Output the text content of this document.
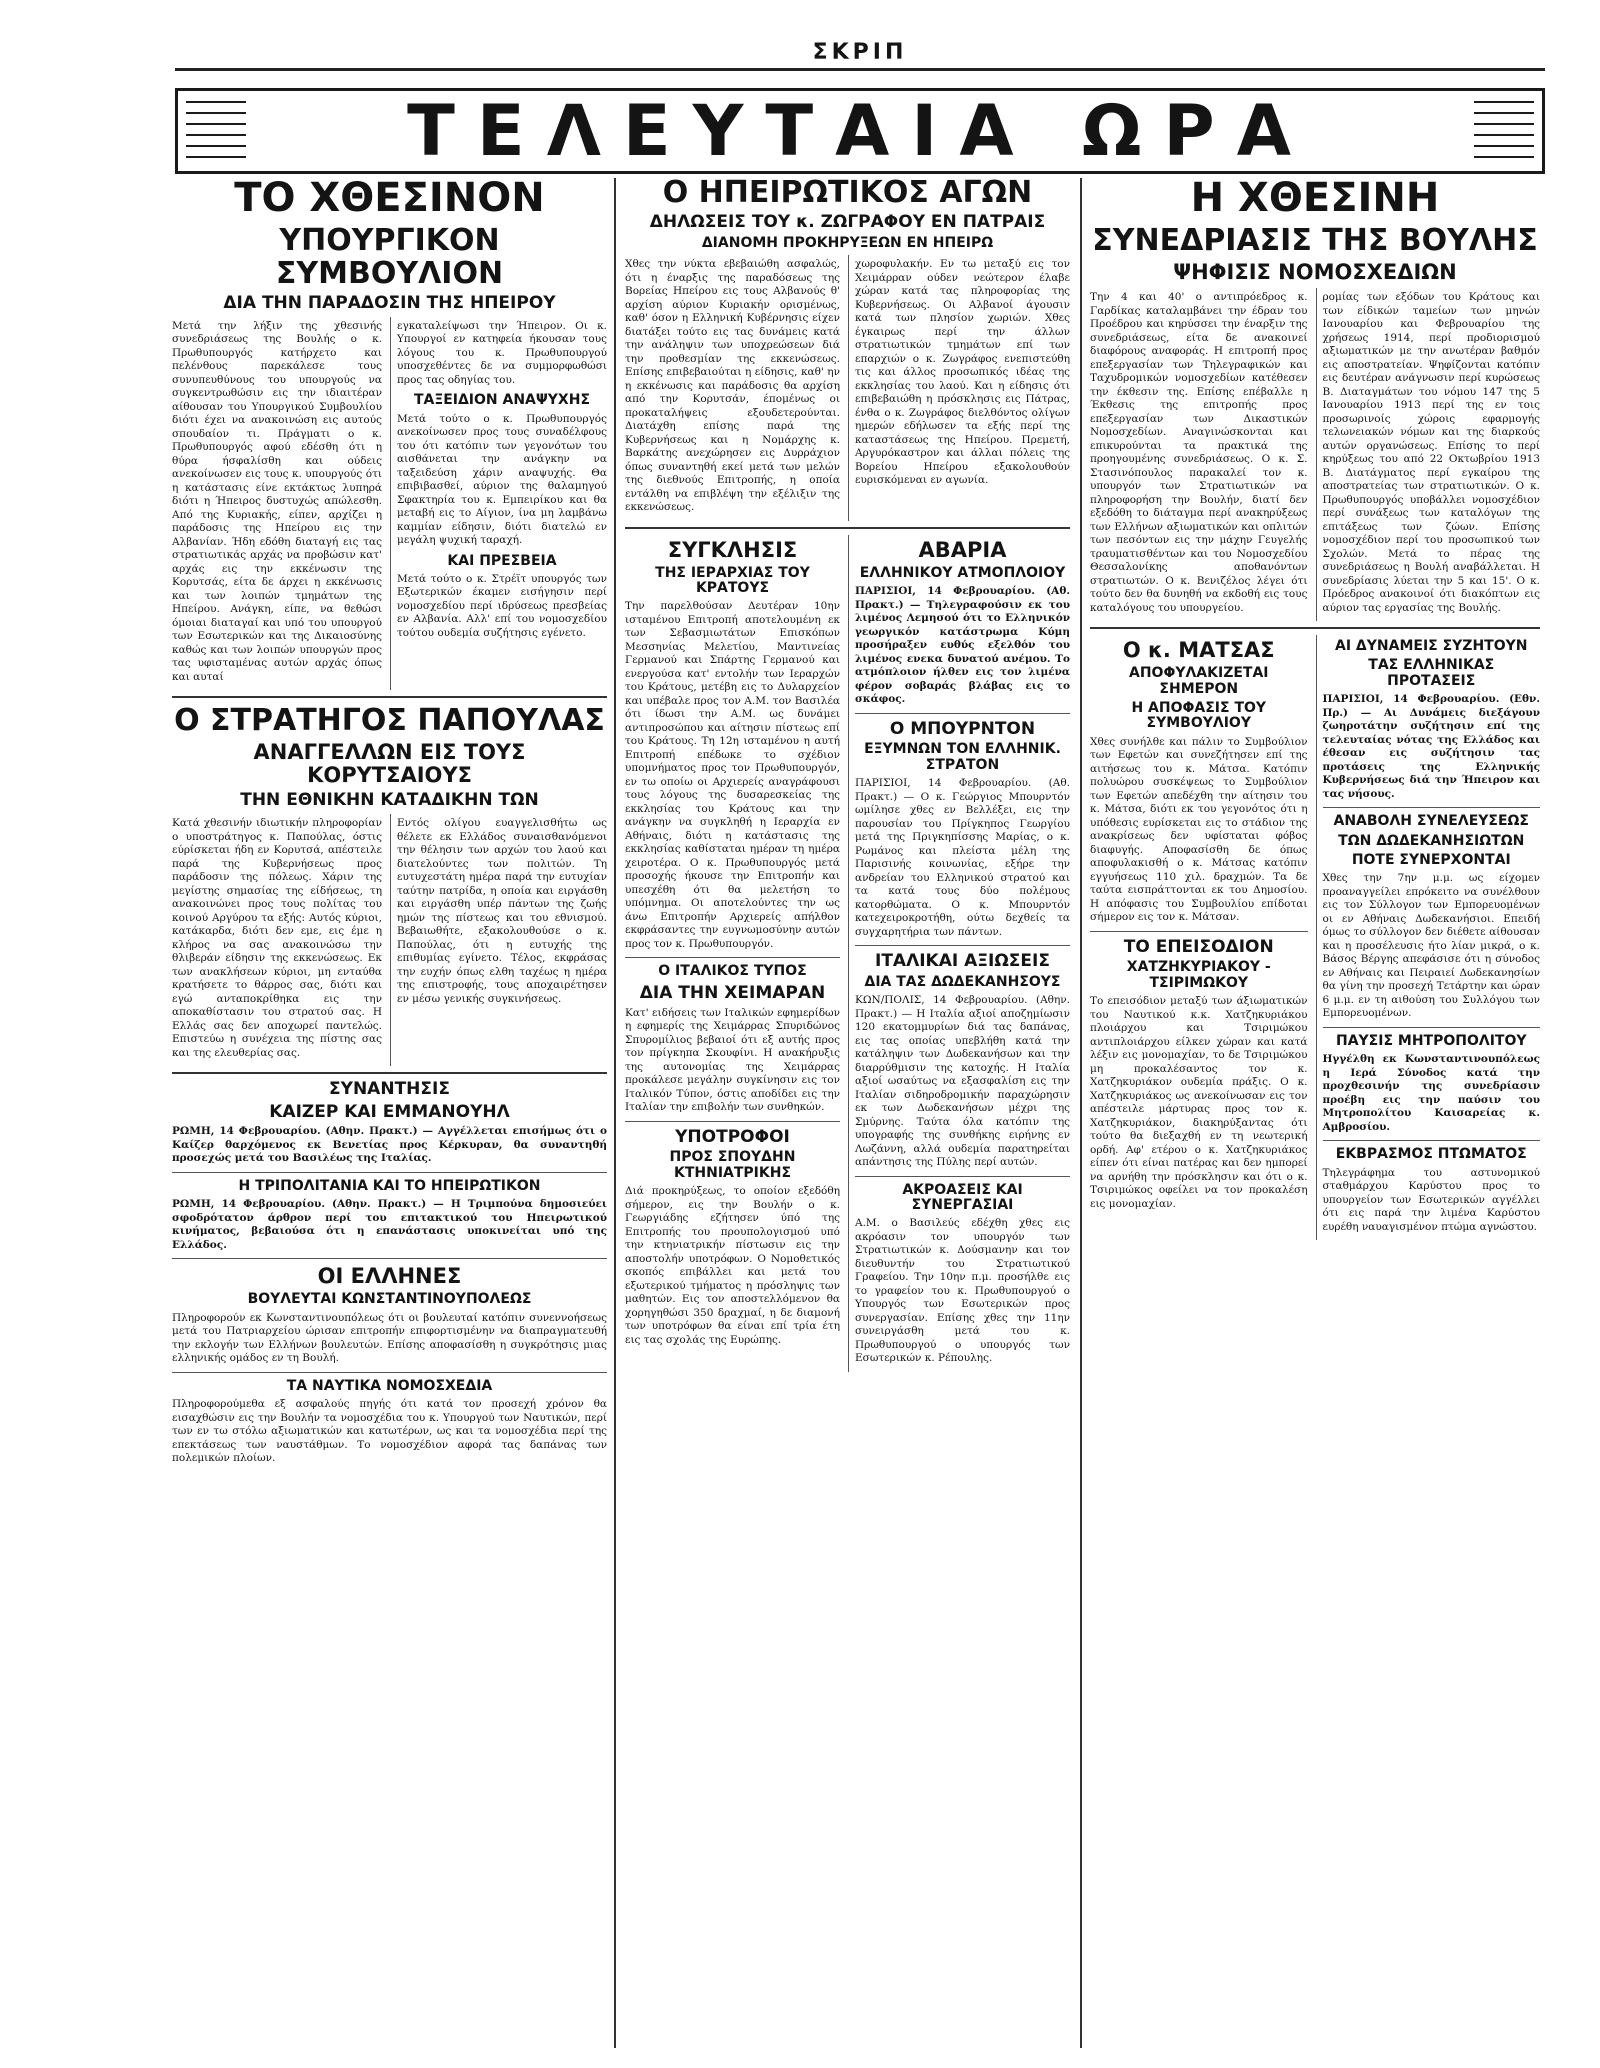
ΣΚΡΙΠ
ΤΕΛΕΥΤΑΙΑ ΩΡΑ
ΤΟ ΧΘΕΣΙΝΟΝ
ΥΠΟΥΡΓΙΚΟΝ ΣΥΜΒΟΥΛΙΟΝ
ΔΙΑ ΤΗΝ ΠΑΡΑΔΟΣΙΝ ΤΗΣ ΗΠΕΙΡΟΥ

Μετά την λήξιν της χθεσινής συνεδριάσεως της Βουλής ο κ. Πρωθυπουργός κατήρχετο και πελένθους παρεκάλεσε τους συνυπευθύνους του υπουργούς να συγκεντρωθώσιν εις την ιδιαιτέραν αίθουσαν του Υπουργικού Συμβουλίου διότι έχει να ανακοινώση εις αυτούς σπουδαίον τι. Πράγματι ο κ. Πρωθυπουργός αφού εδέσθη ότι η θύρα ήσφαλίσθη και ούδεις ανεκοίνωσεν εις τους κ. υπουργούς ότι η κατάστασις είνε εκτάκτως λυπηρά διότι η Ήπειρος δυστυχώς απώλεσθη. Από της Κυριακής, είπεν, αρχίζει η παράδοσις της Ηπείρου εις την Αλβανίαν. Ήδη εδόθη διαταγή εις τας στρατιωτικάς αρχάς να προβώσιν κατ' αρχάς εις την εκκένωσιν της Κορυτσάς, είτα δε άρχει η εκκένωσις και των λοιπών τμημάτων της Ηπείρου. Ανάγκη, είπε, να θεθώσι όμοιαι διαταγαί και υπό του υπουργού των Εσωτερικών και της Δικαιοσύνης καθώς και των λοιπών υπουργών προς τας υφισταμένας αυτών αρχάς όπως και αυταί

εγκαταλείψωσι την Ήπειρον. Οι κ. Υπουργοί εν κατηφεία ήκουσαν τους λόγους του κ. Πρωθυπουργού υποσχεθέντες δε να συμμορφωθώσι προς τας οδηγίας του.

ΤΑΞΕΙΔΙΟΝ ΑΝΑΨΥΧΗΣ

Μετά τούτο ο κ. Πρωθυπουργός ανεκοίνωσεν προς τους συναδέλφους του ότι κατόπιν των γεγονότων του αισθάνεται την ανάγκην να ταξειδεύση χάριν αναψυχής. Θα επιβιβασθεί, αύριον της θαλαμηγού Σφακτηρία του κ. Εμπειρίκου και θα μεταβή εις το Αίγιον, ίνα μη λαμβάνω καμμίαν είδησιν, διότι διατελώ εν μεγάλη ψυχική ταραχή.

ΚΑΙ ΠΡΕΣΒΕΙΑ

Μετά τούτο ο κ. Στρέϊτ υπουργός των Εξωτερικών έκαμεν εισήγησιν περί νομοσχεδίου περί ιδρύσεως πρεσβείας εν Αλβανία. Αλλ' επί του νομοσχεδίου τούτου ουδεμία συζήτησις εγένετο.

Ο ΣΤΡΑΤΗΓΟΣ ΠΑΠΟΥΛΑΣ
ΑΝΑΓΓΕΛΛΩΝ ΕΙΣ ΤΟΥΣ ΚΟΡΥΤΣΑΙΟΥΣ
ΤΗΝ ΕΘΝΙΚΗΝ ΚΑΤΑΔΙΚΗΝ ΤΩΝ

Κατά χθεσινήν ιδιωτικήν πληροφορίαν ο υποστράτηγος κ. Παπούλας, όστις εύρίσκεται ήδη εν Κορυτσά, απέστειλε παρά της Κυβερνήσεως προς παράδοσιν της πόλεως. Χάριν της μεγίστης σημασίας της είδήσεως, τη ανακοινώνει προς τους πολίτας του κοινού Αργύρου τα εξής: Αυτός κύριοι, κατάκαρδα, διότι δεν εμε, εις έμε η κλήρος να σας ανακοινώσω την θλιβεράν είδησιν της εκκενώσεως. Εκ των ανακλήσεων κύριοι, μη ενταύθα κρατήσετε το θάρρος σας, διότι και εγώ ανταποκρίθηκα εις την αποκαθίστασιν του στρατού σας. Η Ελλάς σας δεν αποχωρεί παντελώς. Επιστεύω η συνέχεια της πίστης σας και της ελευθερίας σας.

Εντός ολίγου ευαγγελισθήτω ως θέλετε εκ Ελλάδος συναισθανόμενοι την θέλησιν των αρχών του λαού και διατελούντες των πολιτών. Τη ευτυχεστάτη ημέρα παρά την ευτυχίαν ταύτην πατρίδα, η οποία και ειργάσθη και ειργάσθη υπέρ πάντων της ζωής ημών της πίστεως και του εθνισμού. Βεβαιωθήτε, εξακολουθούσε ο κ. Παπούλας, ότι η ευτυχής της επιθυμίας εγίνετο. Τέλος, εκφράσας την ευχήν όπως ελθη ταχέως η ημέρα της επιστροφής, τους αποχαιρέτησεν εν μέσω γενικής συγκινήσεως.

ΣΥΝΑΝΤΗΣΙΣ
ΚΑΙΖΕΡ ΚΑΙ ΕΜΜΑΝΟΥΗΛ

ΡΩΜΗ, 14 Φεβρουαρίου. (Αθην. Πρακτ.) — Αγγέλλεται επισήμως ότι ο Καίζερ θαρχόμενος εκ Βενετίας προς Κέρκυραν, θα συναντηθή προσεχώς μετά του Βασιλέως της Ιταλίας.

Η ΤΡΙΠΟΛΙΤΑΝΙΑ ΚΑΙ ΤΟ ΗΠΕΙΡΩΤΙΚΟΝ

ΡΩΜΗ, 14 Φεβρουαρίου. (Αθην. Πρακτ.) — Η Τριμπούνα δημοσιεύει σφοδρότατον άρθρον περί του επιτακτικού του Ηπειρωτικού κινήματος, βεβαιούσα ότι η επανάστασις υποκινείται υπό της Ελλάδος.

ΟΙ ΕΛΛΗΝΕΣ
ΒΟΥΛΕΥΤΑΙ ΚΩΝΣΤΑΝΤΙΝΟΥΠΟΛΕΩΣ

Πληροφορούν εκ Κωνσταντινουπόλεως ότι οι βουλευταί κατόπιν συνεννοήσεως μετά του Πατριαρχείου ώρισαν επιτροπήν επιφορτισμένην να διαπραγματευθή την εκλογήν των Ελλήνων βουλευτών. Επίσης αποφασίσθη η συγκρότησις μιας ελληνικής ομάδος εν τη Βουλή.

ΤΑ ΝΑΥΤΙΚΑ ΝΟΜΟΣΧΕΔΙΑ

Πληροφορούμεθα εξ ασφαλούς πηγής ότι κατά τον προσεχή χρόνον θα εισαχθώσιν εις την Βουλήν τα νομοσχέδια του κ. Υπουργού των Ναυτικών, περί των εν τω στόλω αξιωματικών και κατωτέρων, ως και τα νομοσχέδια περί της επεκτάσεως των ναυστάθμων. Το νομοσχέδιον αφορά τας δαπάνας των πολεμικών πλοίων.

Ο ΗΠΕΙΡΩΤΙΚΟΣ ΑΓΩΝ
ΔΗΛΩΣΕΙΣ ΤΟΥ κ. ΖΩΓΡΑΦΟΥ ΕΝ ΠΑΤΡΑΙΣ
ΔΙΑΝΟΜΗ ΠΡΟΚΗΡΥΞΕΩΝ ΕΝ ΗΠΕΙΡΩ

Χθες την νύκτα εβεβαιώθη ασφαλώς, ότι η έναρξις της παραδόσεως της Βορείας Ηπείρου εις τους Αλβανούς θ' αρχίση αύριον Κυριακήν ορισμένως, καθ' όσον η Ελληνική Κυβέρνησις είχεν διατάξει τούτο εις τας δυνάμεις κατά την ανάληψιν των υποχρεώσεων διά την προθεσμίαν της εκκενώσεως. Επίσης επιβεβαιούται η είδησις, καθ' ην η εκκένωσις και παράδοσις θα αρχίση από την Κορυτσάν, έπομένως οι προκαταλήψεις εξουδετερούνται. Διατάχθη επίσης παρά της Κυβερνήσεως και η Νομάρχης κ. Βαρκάτης ανεχώρησεν εις Δυρράχιον όπως συναντηθή εκεί μετά των μελών της διεθνούς Επιτροπής, η οποία εντάλθη να επιβλέψη την εξέλιξιν της εκκενώσεως.

χωροφυλακήν. Εν τω μεταξύ εις τον Χειμάρραν ούδεν νεώτερον έλαβε χώραν κατά τας πληροφορίας της Κυβερνήσεως. Οι Αλβανοί άγουσιν κατά των πλησίον χωριών. Χθες έγκαιρως περί την άλλων στρατιωτικών τμημάτων επί των επαρχιών ο κ. Ζωγράφος ενεπιστεύθη τις και άλλος προσωπικός ιδέας της εκκλησίας του λαού. Και η είδησις ότι επιβεβαιώθη η πρόσκλησις εις Πάτρας, ένθα ο κ. Ζωγράφος διελθόντος ολίγων ημερών εδήλωσεν τα εξής περί της καταστάσεως της Ηπείρου. Πρεμετή, Αργυρόκαστρον και άλλαι πόλεις της Βορείου Ηπείρου εξακολουθούν ευρισκόμεναι εν αγωνία.

ΣΥΓΚΛΗΣΙΣ
ΤΗΣ ΙΕΡΑΡΧΙΑΣ ΤΟΥ ΚΡΑΤΟΥΣ

Την παρελθούσαν Δευτέραν 10ην ισταμένου Επιτροπή αποτελουμένη εκ των Σεβασμιωτάτων Επισκόπων Μεσσηνίας Μελετίου, Μαντινείας Γερμανού και Σπάρτης Γερμανού και ενεργούσα κατ' εντολήν των Ιεραρχών του Κράτους, μετέβη εις το Δυλαρχείον και υπέβαλε προς τον Α.Μ. τον Βασιλέα ότι ίδωσι την Α.Μ. ως δυνάμει αντιπροσώπου και αίτησιν πίστεως επί του Κράτους. Τη 12η ισταμένου η αυτή Επιτροπή επέδωκε το σχέδιον υπομνήματος προς τον Πρωθυπουργόν, εν τω οποίω οι Αρχιερείς αναγράφουσι τους λόγους της δυσαρεσκείας της εκκλησίας του Κράτους και την ανάγκην να συγκληθή η Ιεραρχία εν Αθήναις, διότι η κατάστασις της εκκλησίας καθίσταται ημέραν τη ημέρα χειροτέρα. Ο κ. Πρωθυπουργός μετά προσοχής ήκουσε την Επιτροπήν και υπεσχέθη ότι θα μελετήση το υπόμνημα. Οι αποτελούντες την ως άνω Επιτροπήν Αρχιερείς απήλθον εκφράσαντες την ευγνωμοσύνην αυτών προς τον κ. Πρωθυπουργόν.

Ο ΙΤΑΛΙΚΟΣ ΤΥΠΟΣ
ΔΙΑ ΤΗΝ ΧΕΙΜΑΡΑΝ

Κατ' ειδήσεις των Ιταλικών εφημερίδων η εφημερίς της Χειμάρρας Σπυριδώνος Σπυρομίλιος βεβαιοί ότι εξ αυτής προς τον πρίγκηπα Σκουφίνι. Η ανακήρυξις της αυτονομίας της Χειμάρρας προκάλεσε μεγάλην συγκίνησιν εις τον Ιταλικόν Τύπον, όστις αποδίδει εις την Ιταλίαν την επιβολήν των συνθηκών.

ΥΠΟΤΡΟΦΟΙ
ΠΡΟΣ ΣΠΟΥΔΗΝ ΚΤΗΝΙΑΤΡΙΚΗΣ

Διά προκηρύξεως, το οποίον εξεδόθη σήμερον, εις την Βουλήν ο κ. Γεωργιάδης εζήτησεν ύπό της Επιτροπής του προυπολογισμού υπό την κτηνιατρικήν πίστωσιν εις την αποστολήν υποτρόφων. Ο Νομοθετικός σκοπός επιβάλλει και μετά του εξωτερικού τμήματος η πρόσληψις των μαθητών. Εις τον αποστελλόμενον θα χορηγηθώσι 350 δραχμαί, η δε διαμονή των υποτρόφων θα είναι επί τρία έτη εις τας σχολάς της Ευρώπης.

ΑΒΑΡΙΑ
ΕΛΛΗΝΙΚΟΥ ΑΤΜΟΠΛΟΙΟΥ

ΠΑΡΙΣΙΟΙ, 14 Φεβρουαρίου. (Αθ. Πρακτ.) — Τηλεγραφούσιν εκ του λιμένος Λεμησού ότι το Ελληνικόν γεωργικόν κατάστρωμα Κύμη προσήραξεν ευθύς εξελθόν του λιμένος ενεκα δυνατού ανέμου. Το ατμόπλοιον ήλθεν εις τον λιμένα φέρον σοβαράς βλάβας εις το σκάφος.

Ο ΜΠΟΥΡΝΤΟΝ
ΕΞΥΜΝΩΝ ΤΟΝ ΕΛΛΗΝΙΚ. ΣΤΡΑΤΟΝ

ΠΑΡΙΣΙΟΙ, 14 Φεβρουαρίου. (Αθ. Πρακτ.) — Ο κ. Γεώργιος Μπουρντόν ωμίλησε χθες εν Βελλέξει, εις την παρουσίαν του Πρίγκηπος Γεωργίου μετά της Πριγκηπίσσης Μαρίας, ο κ. Ρωμάνος και πλείστα μέλη της Παρισινής κοινωνίας, εξήρε την ανδρείαν του Ελληνικού στρατού και τα κατά τους δύο πολέμους κατορθώματα. Ο κ. Μπουρντόν κατεχειροκροτήθη, ούτω δεχθείς τα συγχαρητήρια των πάντων.

ΙΤΑΛΙΚΑΙ ΑΞΙΩΣΕΙΣ
ΔΙΑ ΤΑΣ ΔΩΔΕΚΑΝΗΣΟΥΣ

ΚΩΝ/ΠΟΛΙΣ, 14 Φεβρουαρίου. (Αθην. Πρακτ.) — Η Ιταλία αξιοί αποζημίωσιν 120 εκατομμυρίων διά τας δαπάνας, εις τας οποίας υπεβλήθη κατά την κατάληψιν των Δωδεκανήσων και την διαρρύθμισιν της κατοχής. Η Ιταλία αξιοί ωσαύτως να εξασφαλίση εις την Ιταλίαν σιδηροδρομικήν παραχώρησιν εκ των Δωδεκανήσων μέχρι της Σμύρνης. Ταύτα όλα κατόπιν της υπογραφής της συνθήκης ειρήνης εν Λωζάννη, αλλά ουδεμία παρατηρείται απάντησις της Πύλης περί αυτών.

ΑΚΡΟΑΣΕΙΣ ΚΑΙ ΣΥΝΕΡΓΑΣΙΑΙ

Α.Μ. ο Βασιλεύς εδέχθη χθες εις ακρόασιν τον υπουργόν των Στρατιωτικών κ. Δούσμανην και τον διευθυντήν του Στρατιωτικού Γραφείου. Την 10ην π.μ. προσήλθε εις το γραφείον του κ. Πρωθυπουργού ο Υπουργός των Εσωτερικών προς συνεργασίαν. Επίσης χθες την 11ην συνειργάσθη μετά του κ. Πρωθυπουργού ο υπουργός των Εσωτερικών κ. Ρέπουλης.

Η ΧΘΕΣΙΝΗ
ΣΥΝΕΔΡΙΑΣΙΣ ΤΗΣ ΒΟΥΛΗΣ
ΨΗΦΙΣΙΣ ΝΟΜΟΣΧΕΔΙΩΝ

Την 4 και 40' ο αντιπρόεδρος κ. Γαρδίκας καταλαμβάνει την έδραν του Προέδρου και κηρύσσει την έναρξιν της συνεδριάσεως, είτα δε ανακοινεί διαφόρους αναφοράς. Η επιτροπή προς επεξεργασίαν των Τηλεγραφικών και Ταχυδρομικών νομοσχεδίων κατέθεσεν την έκθεσιν της. Επίσης επέβαλλε η Έκθεσις της επιτροπής προς επεξεργασίαν των Δικαστικών Νομοσχεδίων. Αναγινώσκονται και επικυρούνται τα πρακτικά της προηγουμένης συνεδριάσεως. Ο κ. Σ. Στασινόπουλος παρακαλεί τον κ. υπουργόν των Στρατιωτικών να πληροφορήση την Βουλήν, διατί δεν εξεδόθη το διάταγμα περί ανακηρύξεως των Ελλήνων αξιωματικών και οπλιτών των πεσόντων εις την μάχην Γευγελής τραυματισθέντων και του Νομοσχεδίου Θεσσαλονίκης αποθανόντων στρατιωτών. Ο κ. Βενιζέλος λέγει ότι τούτο δεν θα δυνηθή να εκδοθή εις τους καταλόγους του υπουργείου.

ρομίας των εξόδων του Κράτους και των είδικών ταμείων των μηνών Ιανουαρίου και Φεβρουαρίου της χρήσεως 1914, περί προδιορισμού αξιωματικών με την ανωτέραν βαθμόν εις αποστρατείαν. Ψηφίζονται κατόπιν εις δευτέραν ανάγνωσιν περί κυρώσεως Β. Διαταγμάτων του νόμου 147 της 5 Ιανουαρίου 1913 περί της εν τοις προσωρινοίς χώροις εφαρμογής τελωνειακών νόμων και της διαρκούς αυτών οργανώσεως. Επίσης το περί κηρύξεως του από 22 Οκτωβρίου 1913 Β. Διατάγματος περί εγκαίρου της αποστρατείας των στρατιωτικών. Ο κ. Πρωθυπουργός υποβάλλει νομοσχέδιον περί συνάξεως των καταλόγων της επιτάξεως των ζώων. Επίσης νομοσχέδιον περί του προσωπικού των Σχολών. Μετά το πέρας της συνεδριάσεως η Βουλή αναβάλλεται. Η συνεδρίασις λύεται την 5 και 15'. Ο κ. Πρόεδρος ανακοινοί ότι διακόπτων εις αύριον τας εργασίας της Βουλής.

Ο κ. ΜΑΤΣΑΣ
ΑΠΟΦΥΛΑΚΙΖΕΤΑΙ ΣΗΜΕΡΟΝ
Η ΑΠΟΦΑΣΙΣ ΤΟΥ ΣΥΜΒΟΥΛΙΟΥ

Χθες συνήλθε και πάλιν το Συμβούλιον των Εφετών και συνεζήτησεν επί της αιτήσεως του κ. Μάτσα. Κατόπιν πολυώρου συσκέψεως το Συμβούλιον των Εφετών απεδέχθη την αίτησιν του κ. Μάτσα, διότι εκ του γεγονότος ότι η υπόθεσις ευρίσκεται εις το στάδιον της ανακρίσεως δεν υφίσταται φόβος διαφυγής. Αποφασίσθη δε όπως αποφυλακισθή ο κ. Μάτσας κατόπιν εγγυήσεως 110 χιλ. δραχμών. Τα δε ταύτα εισπράττονται εκ του Δημοσίου. Η απόφασις του Συμβουλίου επίδοται σήμερον εις τον κ. Μάτσαν.

ΤΟ ΕΠΕΙΣΟΔΙΟΝ
ΧΑΤΖΗΚΥΡΙΑΚΟΥ - ΤΣΙΡΙΜΩΚΟΥ

Το επεισόδιον μεταξύ των άξιωματικών του Ναυτικού κ.κ. Χατζηκυριάκου πλοιάρχου και Τσιριμώκου αντιπλοιάρχου είλκεν χώραν και κατά λέξιν εις μονομαχίαν, το δε Τσιριμώκου μη προκαλέσαντος τον κ. Χατζηκυριάκον ουδεμία πράξις. Ο κ. Χατζηκυριάκος ως ανεκοίνωσαν εις τον απέστειλε μάρτυρας προς τον κ. Χατζηκυριάκον, διακηρύξαντας ότι τούτο θα διεξαχθή εν τη νεωτερική ορδή. Αφ' ετέρου ο κ. Χατζηκυριάκος είπεν ότι είναι πατέρας και δεν ημπορεί να αρνήθη την πρόσκλησιν και ότι ο κ. Τσιριμώκος οφείλει να τον προκαλέση εις μονομαχίαν.

ΑΙ ΔΥΝΑΜΕΙΣ ΣΥΖΗΤΟΥΝ
ΤΑΣ ΕΛΛΗΝΙΚΑΣ ΠΡΟΤΑΣΕΙΣ

ΠΑΡΙΣΙΟΙ, 14 Φεβρουαρίου. (Εθν. Πρ.) — Αι Δυνάμεις διεξάγουν ζωηροτάτην συζήτησιν επί της τελευταίας νότας της Ελλάδος και έθεσαν εις συζήτησιν τας προτάσεις της Ελληνικής Κυβερνήσεως διά την Ήπειρον και τας νήσους.

ΑΝΑΒΟΛΗ ΣΥΝΕΛΕΥΣΕΩΣ
ΤΩΝ ΔΩΔΕΚΑΝΗΣΙΩΤΩΝ
ΠΟΤΕ ΣΥΝΕΡΧΟΝΤΑΙ

Χθες την 7ην μ.μ. ως είχομεν προαναγγείλει επρόκειτο να συνέλθουν εις τον Σύλλογον των Εμπορευομένων οι εν Αθήναις Δωδεκανήσιοι. Επειδή όμως το σύλλογον δεν διέθετε αίθουσαν και η προσέλευσις ήτο λίαν μικρά, ο κ. Βάσος Βέργης απεφάσισε ότι η σύνοδος εν Αθήναις και Πειραιεί Δωδεκανησίων θα γίνη την προσεχή Τετάρτην και ώραν 6 μ.μ. εν τη αιθούση του Συλλόγου των Εμπορευομένων.

ΠΑΥΣΙΣ ΜΗΤΡΟΠΟΛΙΤΟΥ

Ηγγέλθη εκ Κωνσταντινουπόλεως η Ιερά Σύνοδος κατά την προχθεσινήν της συνεδρίασιν προέβη εις την παύσιν του Μητροπολίτου Καισαρείας κ. Αμβροσίου.

ΕΚΒΡΑΣΜΟΣ ΠΤΩΜΑΤΟΣ

Τηλεγράφημα του αστυνομικού σταθμάρχου Καρύστου προς το υπουργείον των Εσωτερικών αγγέλλει ότι εις παρά την λιμένα Καρύστου ευρέθη ναυαγισμένον πτώμα αγνώστου.
